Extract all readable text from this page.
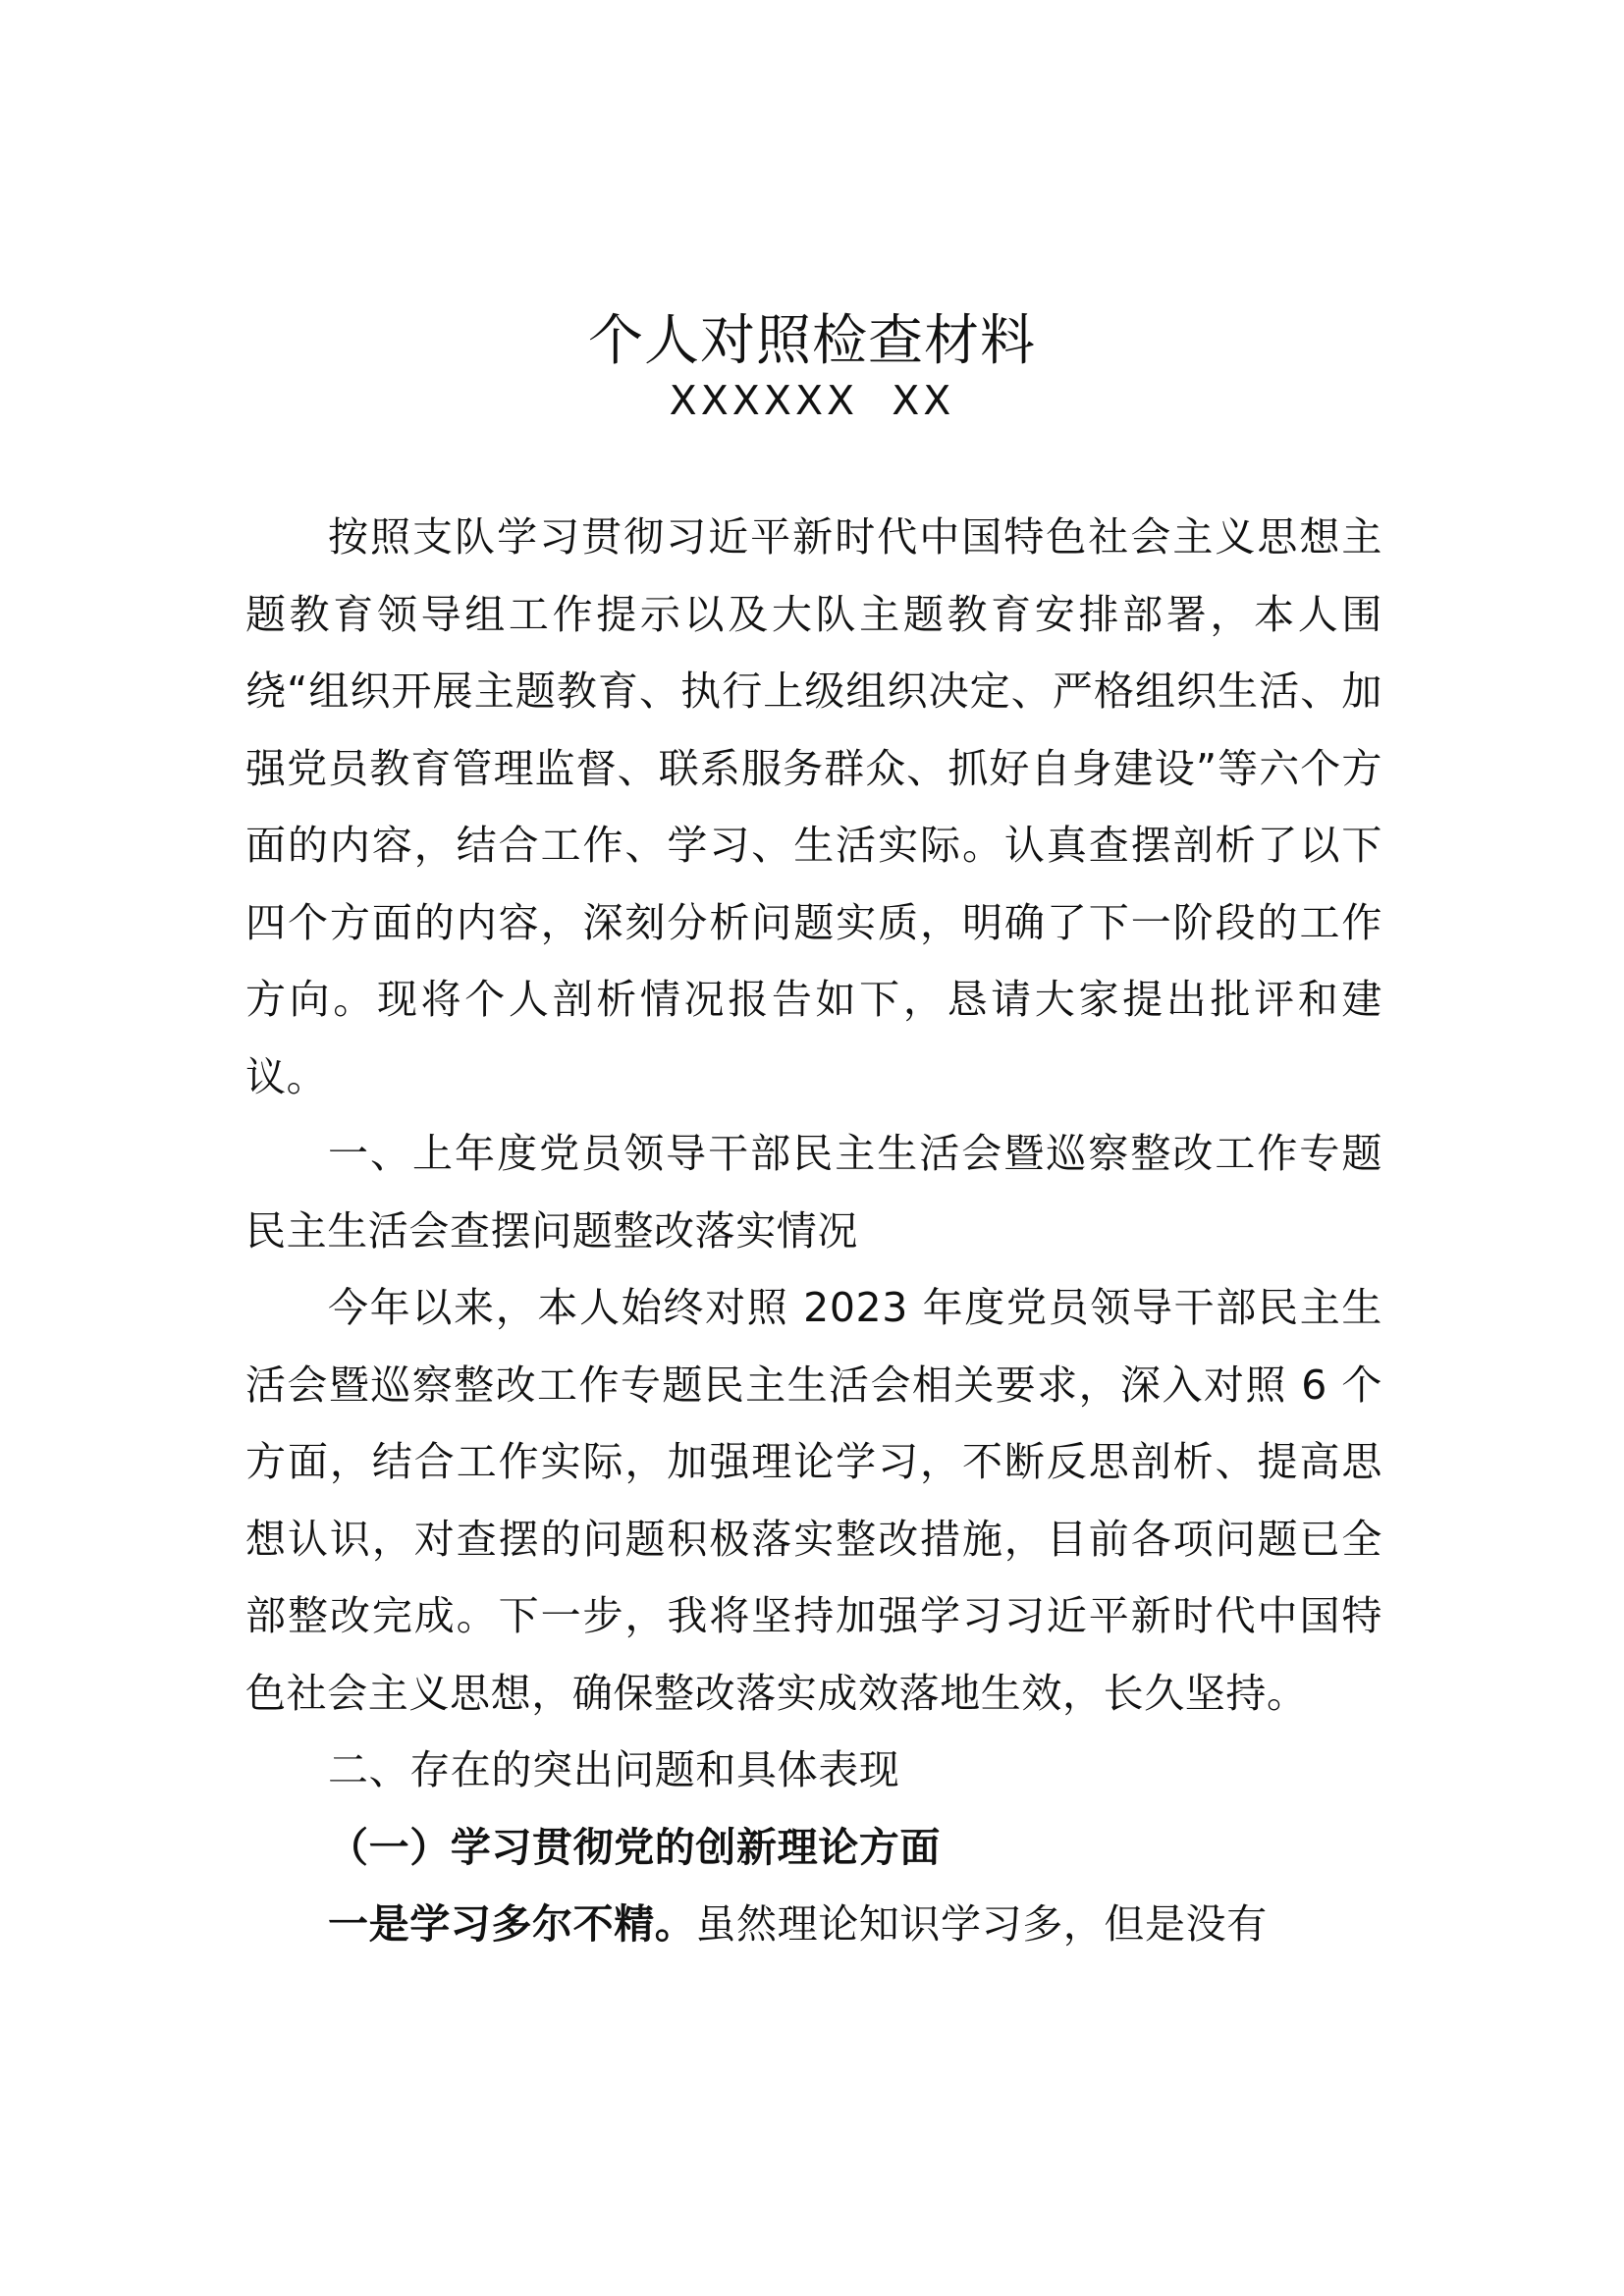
个人对照检查材料
XXXXXX  XX

按照支队学习贯彻习近平新时代中国特色社会主义思想主题教育领导组工作提示以及大队主题教育安排部署，本人围绕“组织开展主题教育、执行上级组织决定、严格组织生活、加强党员教育管理监督、联系服务群众、抓好自身建设”等六个方面的内容，结合工作、学习、生活实际。认真查摆剖析了以下四个方面的内容，深刻分析问题实质，明确了下一阶段的工作方向。现将个人剖析情况报告如下，恳请大家提出批评和建议。

一、上年度党员领导干部民主生活会暨巡察整改工作专题民主生活会查摆问题整改落实情况

今年以来，本人始终对照 2023 年度党员领导干部民主生活会暨巡察整改工作专题民主生活会相关要求，深入对照 6 个方面，结合工作实际，加强理论学习，不断反思剖析、提高思想认识，对查摆的问题积极落实整改措施，目前各项问题已全部整改完成。下一步，我将坚持加强学习习近平新时代中国特色社会主义思想，确保整改落实成效落地生效，长久坚持。

二、存在的突出问题和具体表现

（一）学习贯彻党的创新理论方面

一是学习多尔不精。虽然理论知识学习多，但是没有
